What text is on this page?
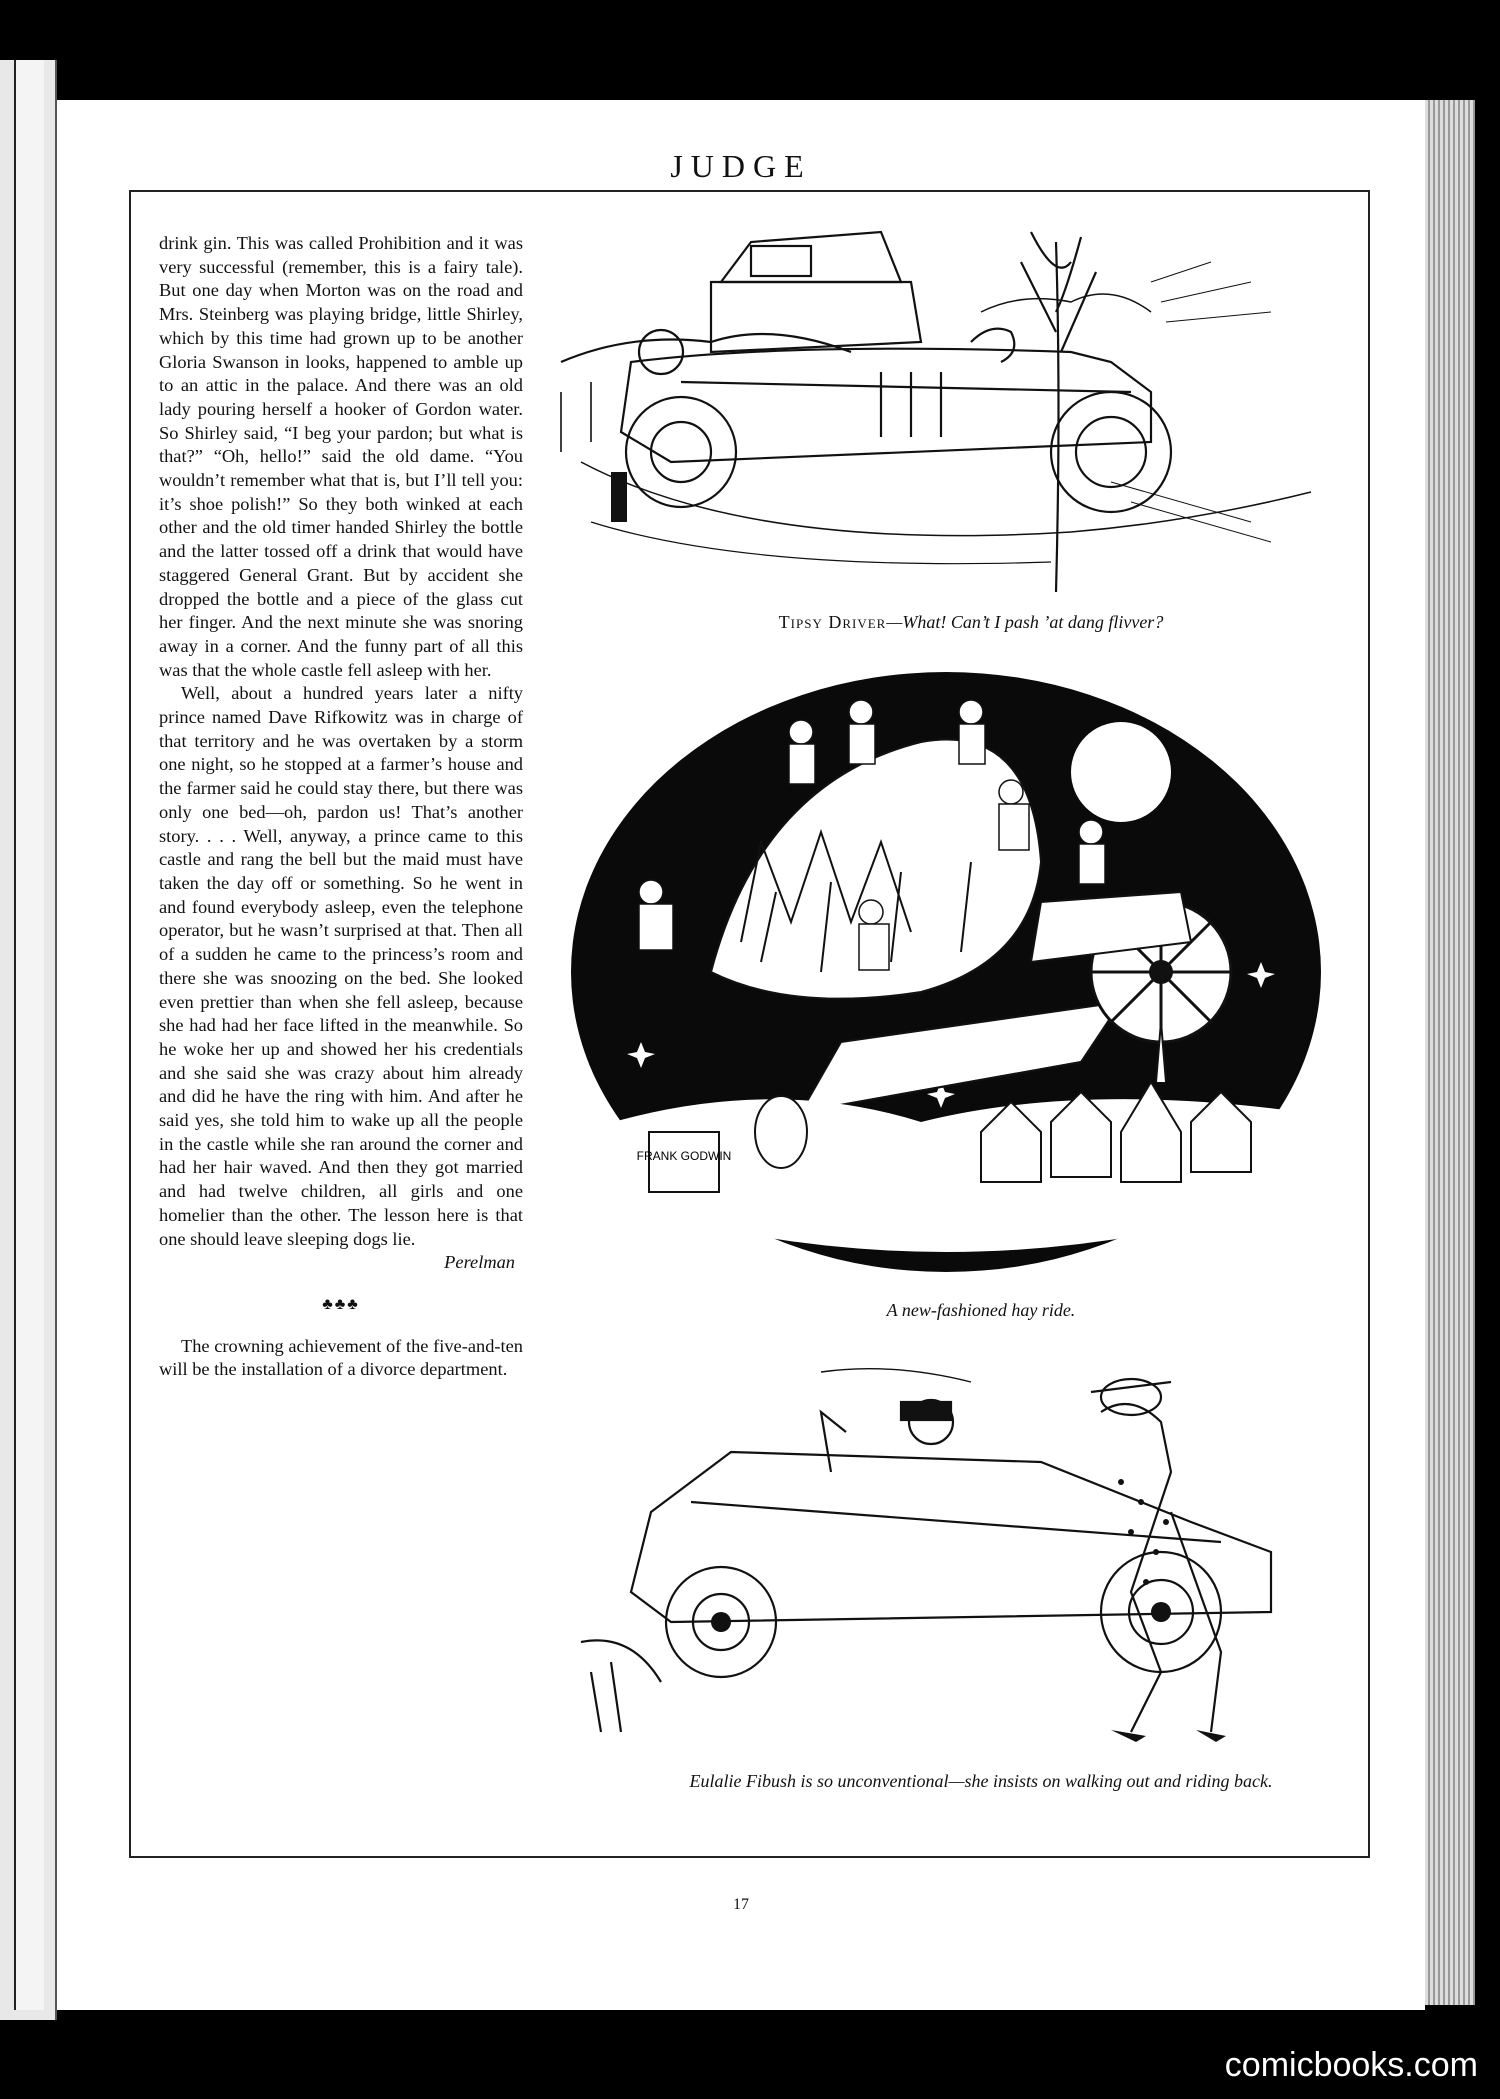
JUDGE

drink gin. This was called Prohibition and it was very successful (remember, this is a fairy tale). But one day when Morton was on the road and Mrs. Steinberg was playing bridge, little Shirley, which by this time had grown up to be another Gloria Swanson in looks, happened to amble up to an attic in the palace. And there was an old lady pouring herself a hooker of Gordon water. So Shirley said, “I beg your pardon; but what is that?” “Oh, hello!” said the old dame. “You wouldn’t remember what that is, but I’ll tell you: it’s shoe polish!” So they both winked at each other and the old timer handed Shirley the bottle and the latter tossed off a drink that would have staggered General Grant. But by accident she dropped the bottle and a piece of the glass cut her finger. And the next minute she was snoring away in a corner. And the funny part of all this was that the whole castle fell asleep with her.

Well, about a hundred years later a nifty prince named Dave Rifkowitz was in charge of that territory and he was overtaken by a storm one night, so he stopped at a farmer’s house and the farmer said he could stay there, but there was only one bed—oh, pardon us! That’s another story. . . . Well, anyway, a prince came to this castle and rang the bell but the maid must have taken the day off or something. So he went in and found everybody asleep, even the telephone operator, but he wasn’t surprised at that. Then all of a sudden he came to the princess’s room and there she was snoozing on the bed. She looked even prettier than when she fell asleep, because she had had her face lifted in the meanwhile. So he woke her up and showed her his credentials and she said she was crazy about him already and did he have the ring with him. And after he said yes, she told him to wake up all the people in the castle while she ran around the corner and had her hair waved. And then they got married and had twelve children, all girls and one homelier than the other. The lesson here is that one should leave sleeping dogs lie.

Perelman
♣♣♣

The crowning achievement of the five-and-ten will be the installation of a divorce department.

Tipsy Driver—What! Can’t I pash ’at dang flivver?
FRANK GODWIN
A new-fashioned hay ride.
Eulalie Fibush is so unconventional—she insists on walking out and riding back.
17
comicbooks.com
